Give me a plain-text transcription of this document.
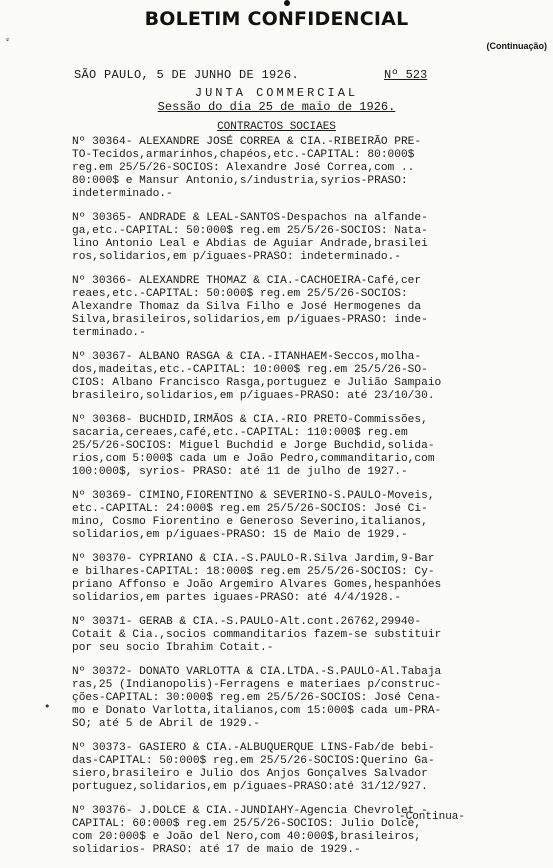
⸗
•
BOLETIM CONFIDENCIAL
(Continuação)
SÃO PAULO, 5 DE JUNHO DE 1926.	Nº 523
JUNTA COMMERCIAL
Sessão do dia 25 de maio de 1926.
CONTRACTOS SOCIAES
Nº 30364- ALEXANDRE JOSÉ CORREA & CIA.-RIBEIRÃO PRE-
TO-Tecidos,armarinhos,chapéos,etc.-CAPITAL: 80:000$
reg.em 25/5/26-SOCIOS: Alexandre José Correa,com ..
80:000$ e Mansur Antonio,s/industria,syrios-PRASO:
indeterminado.-
Nº 30365- ANDRADE & LEAL-SANTOS-Despachos na alfande-
ga,etc.-CAPITAL: 50:000$ reg.em 25/5/26-SOCIOS: Nata-
lino Antonio Leal e Abdias de Aguiar Andrade,brasilei
ros,solidarios,em p/iguaes-PRASO: indeterminado.-
Nº 30366- ALEXANDRE THOMAZ & CIA.-CACHOEIRA-Café,cer
reaes,etc.-CAPITAL: 50:000$ reg.em 25/5/26-SOCIOS:
Alexandre Thomaz da Silva Filho e José Hermogenes da
Silva,brasileiros,solidarios,em p/iguaes-PRASO: inde-
terminado.-
Nº 30367- ALBANO RASGA & CIA.-ITANHAEM-Seccos,molha-
dos,madeitas,etc.-CAPITAL: 10:000$ reg.em 25/5/26-SO-
CIOS: Albano Francisco Rasga,portuguez e Julião Sampaio
brasileiro,solidarios,em p/iguaes-PRASO: até 23/10/30.
Nº 30368- BUCHDID,IRMÃOS & CIA.-RIO PRETO-Commissões,
sacaria,cereaes,café,etc.-CAPITAL: 110:000$ reg.em
25/5/26-SOCIOS: Miguel Buchdid e Jorge Buchdid,solida-
rios,com 5:000$ cada um e João Pedro,commanditario,com
100:000$, syrios- PRASO: até 11 de julho de 1927.-
Nº 30369- CIMINO,FIORENTINO & SEVERINO-S.PAULO-Moveis,
etc.-CAPITAL: 24:000$ reg.em 25/5/26-SOCIOS: José Ci-
mino, Cosmo Fiorentino e Generoso Severino,italianos,
solidarios,em p/iguaes-PRASO: 15 de Maio de 1929.-
Nº 30370- CYPRIANO & CIA.-S.PAULO-R.Silva Jardim,9-Bar
e bilhares-CAPITAL: 18:000$ reg.em 25/5/26-SOCIOS: Cy-
priano Affonso e João Argemiro Alvares Gomes,hespanhóes
solidarios,em partes iguaes-PRASO: até 4/4/1928.-
Nº 30371- GERAB & CIA.-S.PAULO-Alt.cont.26762,29940-
Cotait & Cia.,socios commanditarios fazem-se substituir
por seu socio Ibrahim Cotait.-
Nº 30372- DONATO VARLOTTA & CIA.LTDA.-S.PAULO-Al.Tabaja
ras,25 (Indianopolis)-Ferragens e materiaes p/construc-
ções-CAPITAL: 30:000$ reg.em 25/5/26-SOCIOS: José Cena-
mo e Donato Varlotta,italianos,com 15:000$ cada um-PRA-
SO; até 5 de Abril de 1929.-
Nº 30373- GASIERO & CIA.-ALBUQUERQUE LINS-Fab/de bebi-
das-CAPITAL: 50:000$ reg.em 25/5/26-SOCIOS:Querino Ga-
siero,brasileiro e Julio dos Anjos Gonçalves Salvador
portuguez,solidarios,em p/iguaes-PRASO:até 31/12/927.
Nº 30376- J.DOLCE & CIA.-JUNDIAHY-Agencia Chevrolet -
CAPITAL: 60:000$ reg.em 25/5/26-SOCIOS: Julio Dolce,
com 20:000$ e João del Nero,com 40:000$,brasileiros,
solidarios- PRASO: até 17 de maio de 1929.-
-Continua-
